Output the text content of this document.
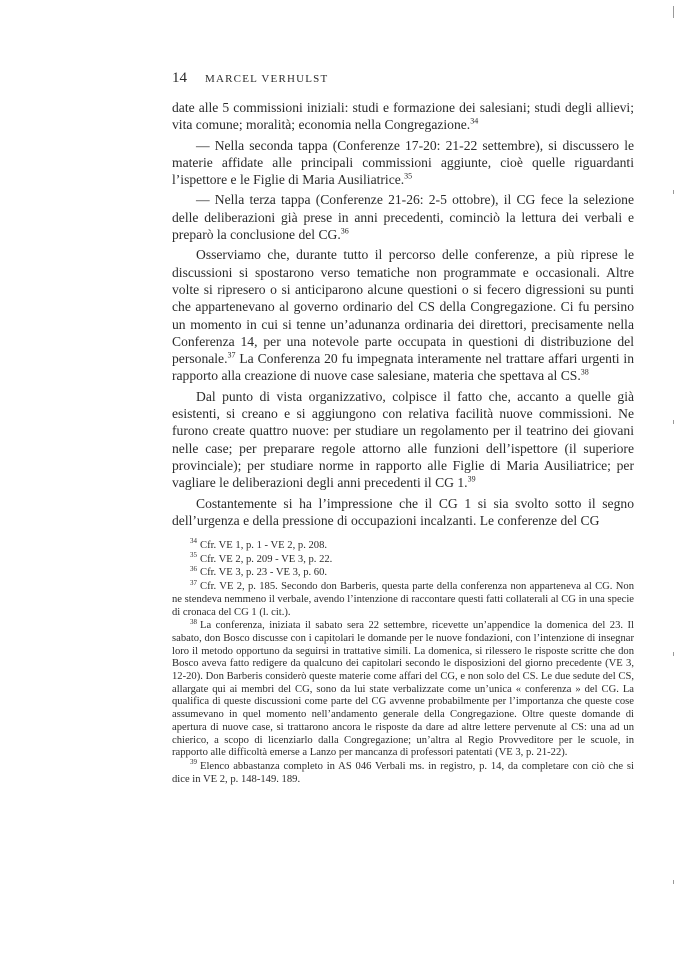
14 MARCEL VERHULST

date alle 5 commissioni iniziali: studi e formazione dei salesiani; studi degli allievi; vita comune; moralità; economia nella Congregazione.$^{34}$

— Nella seconda tappa (Conferenze 17-20: 21-22 settembre), si discussero le materie affidate alle principali commissioni aggiunte, cioè quelle riguardanti l’ispettore e le Figlie di Maria Ausiliatrice.$^{35}$

— Nella terza tappa (Conferenze 21-26: 2-5 ottobre), il CG fece la selezione delle deliberazioni già prese in anni precedenti, cominciò la lettura dei verbali e preparò la conclusione del CG.$^{36}$

Osserviamo che, durante tutto il percorso delle conferenze, a più riprese le discussioni si spostarono verso tematiche non programmate e occasionali. Altre volte si ripresero o si anticiparono alcune questioni o si fecero digressioni su punti che appartenevano al governo ordinario del CS della Congregazione. Ci fu persino un momento in cui si tenne un’adunanza ordinaria dei direttori, precisamente nella Conferenza 14, per una notevole parte occupata in questioni di distribuzione del personale.$^{37}$ La Conferenza 20 fu impegnata interamente nel trattare affari urgenti in rapporto alla creazione di nuove case salesiane, materia che spettava al CS.$^{38}$

Dal punto di vista organizzativo, colpisce il fatto che, accanto a quelle già esistenti, si creano e si aggiungono con relativa facilità nuove commissioni. Ne furono create quattro nuove: per studiare un regolamento per il teatrino dei giovani nelle case; per preparare regole attorno alle funzioni dell’ispettore (il superiore provinciale); per studiare norme in rapporto alle Figlie di Maria Ausiliatrice; per vagliare le deliberazioni degli anni precedenti il CG 1.39

Costantemente si ha l’impressione che il CG 1 si sia svolto sotto il segno dell’urgenza e della pressione di occupazioni incalzanti. Le conferenze del CG

$^{34}$ Cfr. VE 1, p. 1 - VE 2, p. 208.

$^{35}$ Cfr. VE 2, p. 209 - VE 3, p. 22.

$^{36}$ Cfr. VE 3, p. 23 - VE 3, p. 60.

$^{37}$ Cfr. VE 2, p. 185. Secondo don Barberis, questa parte della conferenza non apparteneva al CG. Non ne stendeva nemmeno il verbale, avendo l’intenzione di raccontare questi fatti collaterali al CG in una specie di cronaca del CG 1 (l. cit.).

$^{38}$ La conferenza, iniziata il sabato sera 22 settembre, ricevette un’appendice la domenica del 23. Il sabato, don Bosco discusse con i capitolari le domande per le nuove fondazioni, con l’intenzione di insegnar loro il metodo opportuno da seguirsi in trattative simili. La domenica, si rilessero le risposte scritte che don Bosco aveva fatto redigere da qualcuno dei capitolari secondo le disposizioni del giorno precedente (VE 3, 12-20). Don Barberis considerò queste materie come affari del CG, e non solo del CS. Le due sedute del CS, allargate qui ai membri del CG, sono da lui state verbalizzate come un’unica « conferenza » del CG. La qualifica di queste discussioni come parte del CG avvenne probabilmente per l’importanza che queste cose assumevano in quel momento nell’andamento generale della Congregazione. Oltre queste domande di apertura di nuove case, si trattarono ancora le risposte da dare ad altre lettere pervenute al CS: una ad un chierico, a scopo di licenziarlo dalla Congregazione; un’altra al Regio Provveditore per le scuole, in rapporto alle difficoltà emerse a Lanzo per mancanza di professori patentati (VE 3, p. 21-22).

$^{39}$ Elenco abbastanza completo in AS 046 Verbali ms. in registro, p. 14, da completare con ciò che si dice in VE 2, p. 148-149. 189.
